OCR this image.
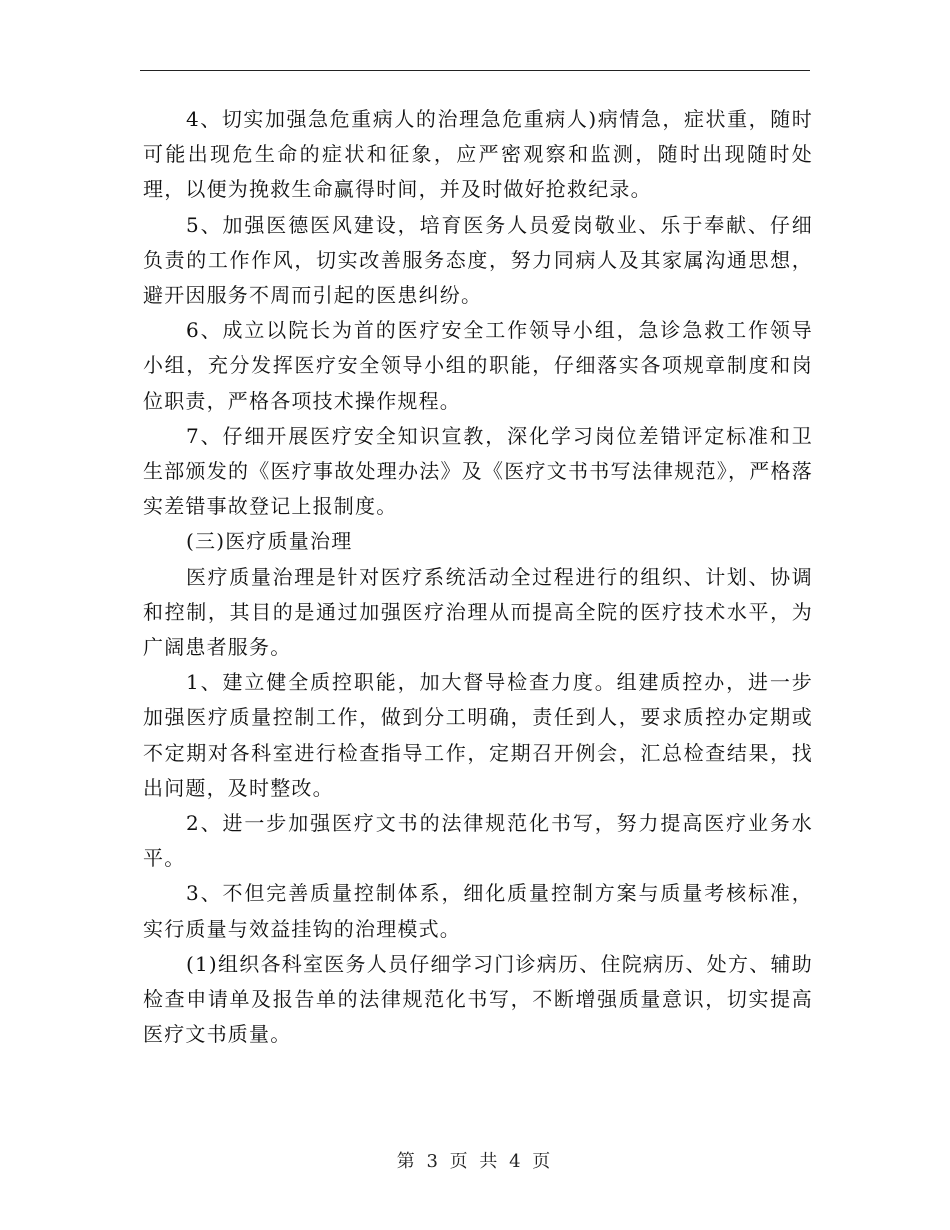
4、切实加强急危重病人的治理急危重病人)病情急，症状重，随时可能出现危生命的症状和征象，应严密观察和监测，随时出现随时处理，以便为挽救生命赢得时间，并及时做好抢救纪录。

5、加强医德医风建设，培育医务人员爱岗敬业、乐于奉献、仔细负责的工作作风，切实改善服务态度，努力同病人及其家属沟通思想，避开因服务不周而引起的医患纠纷。

6、成立以院长为首的医疗安全工作领导小组，急诊急救工作领导小组，充分发挥医疗安全领导小组的职能，仔细落实各项规章制度和岗位职责，严格各项技术操作规程。

7、仔细开展医疗安全知识宣教，深化学习岗位差错评定标准和卫生部颁发的《医疗事故处理办法》及《医疗文书书写法律规范》，严格落实差错事故登记上报制度。

(三)医疗质量治理

医疗质量治理是针对医疗系统活动全过程进行的组织、计划、协调和控制，其目的是通过加强医疗治理从而提高全院的医疗技术水平，为广阔患者服务。

1、建立健全质控职能，加大督导检查力度。组建质控办，进一步加强医疗质量控制工作，做到分工明确，责任到人，要求质控办定期或不定期对各科室进行检查指导工作，定期召开例会，汇总检查结果，找出问题，及时整改。

2、进一步加强医疗文书的法律规范化书写，努力提高医疗业务水平。

3、不但完善质量控制体系，细化质量控制方案与质量考核标准，实行质量与效益挂钩的治理模式。

(1)组织各科室医务人员仔细学习门诊病历、住院病历、处方、辅助检查申请单及报告单的法律规范化书写，不断增强质量意识，切实提高医疗文书质量。

第 3 页 共 4 页
